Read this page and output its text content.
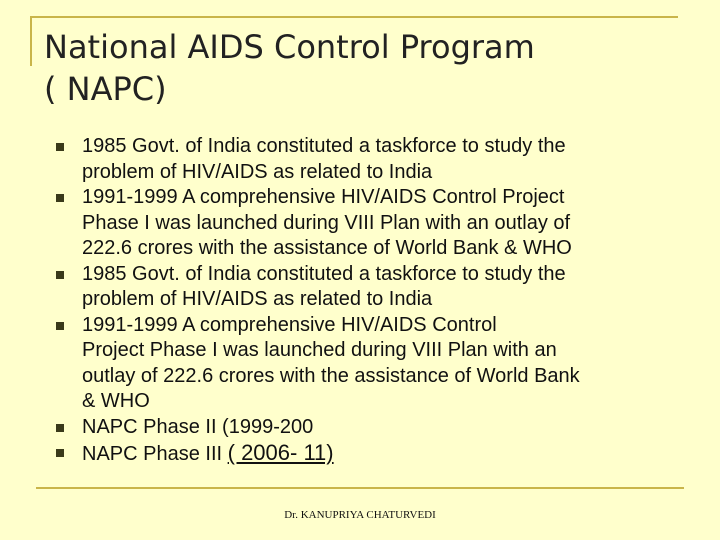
National AIDS Control Program
( NAPC)
1985 Govt. of India constituted a taskforce to study the
problem of HIV/AIDS as related to India
1991-1999 A comprehensive HIV/AIDS Control Project
Phase I was launched during VIII Plan with an outlay of
222.6 crores with the assistance of World Bank & WHO
1985 Govt. of India constituted a taskforce to study the
problem of HIV/AIDS as related to India
1991-1999 A comprehensive HIV/AIDS Control
Project Phase I was launched during VIII Plan with an
outlay of 222.6 crores with the assistance of World Bank
& WHO
NAPC Phase II (1999-200
NAPC Phase III ( 2006- 11)
Dr. KANUPRIYA CHATURVEDI
